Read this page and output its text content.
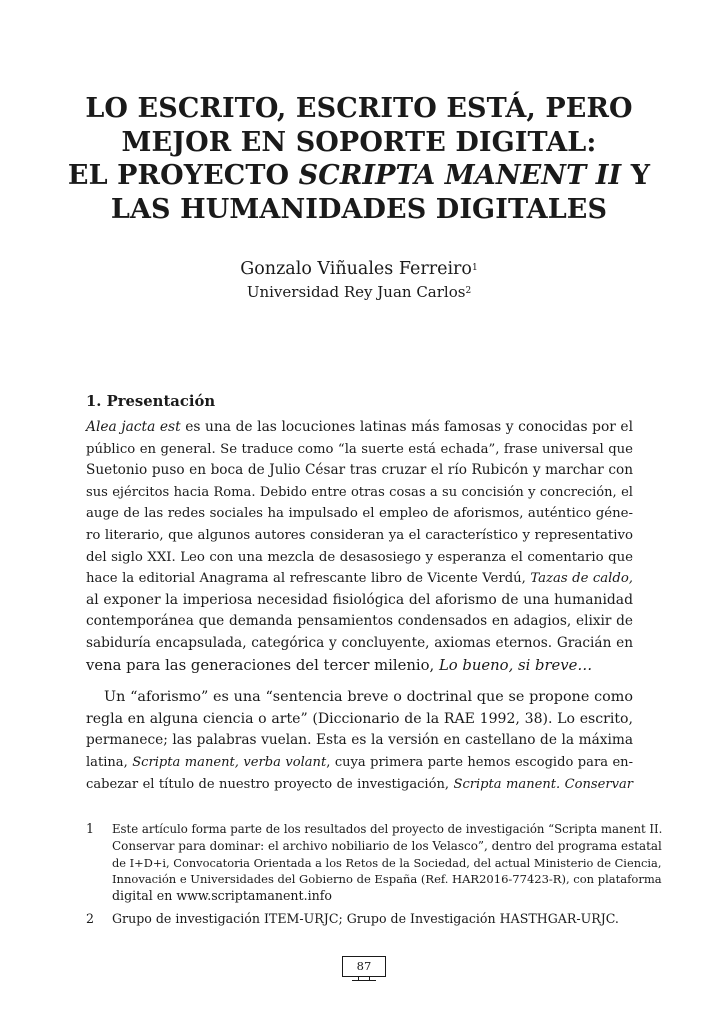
LO ESCRITO, ESCRITO ESTÁ, PERO
MEJOR EN SOPORTE DIGITAL:
EL PROYECTO SCRIPTA MANENT II Y
LAS HUMANIDADES DIGITALES
Gonzalo Viñuales Ferreiro$^1$
Universidad Rey Juan Carlos$^2$
1. Presentación

Alea jacta est es una de las locuciones latinas más famosas y conocidas por el
público en general. Se traduce como “la suerte está echada”, frase universal que
Suetonio puso en boca de Julio César tras cruzar el río Rubicón y marchar con
sus ejércitos hacia Roma. Debido entre otras cosas a su concisión y concreción, el
auge de las redes sociales ha impulsado el empleo de aforismos, auténtico géne-
ro literario, que algunos autores consideran ya el característico y representativo
del siglo XXI. Leo con una mezcla de desasosiego y esperanza el comentario que
hace la editorial Anagrama al refrescante libro de Vicente Verdú, Tazas de caldo,
al exponer la imperiosa necesidad fisiológica del aforismo de una humanidad
contemporánea que demanda pensamientos condensados en adagios, elixir de
sabiduría encapsulada, categórica y concluyente, axiomas eternos. Gracián en
vena para las generaciones del tercer milenio, Lo bueno, si breve…

Un “aforismo” es una “sentencia breve o doctrinal que se propone como
regla en alguna ciencia o arte” (Diccionario de la RAE 1992, 38). Lo escrito,
permanece; las palabras vuelan. Esta es la versión en castellano de la máxima
latina, Scripta manent, verba volant, cuya primera parte hemos escogido para en-
cabezar el título de nuestro proyecto de investigación, Scripta manent. Conservar

1 Este artículo forma parte de los resultados del proyecto de investigación “Scripta manent II.
Conservar para dominar: el archivo nobiliario de los Velasco”, dentro del programa estatal
de I+D+i, Convocatoria Orientada a los Retos de la Sociedad, del actual Ministerio de Ciencia,
Innovación e Universidades del Gobierno de España (Ref. HAR2016-77423-R), con plataforma
digital en www.scriptamanent.info
2 Grupo de investigación ITEM-URJC; Grupo de Investigación HASTHGAR-URJC.
87
